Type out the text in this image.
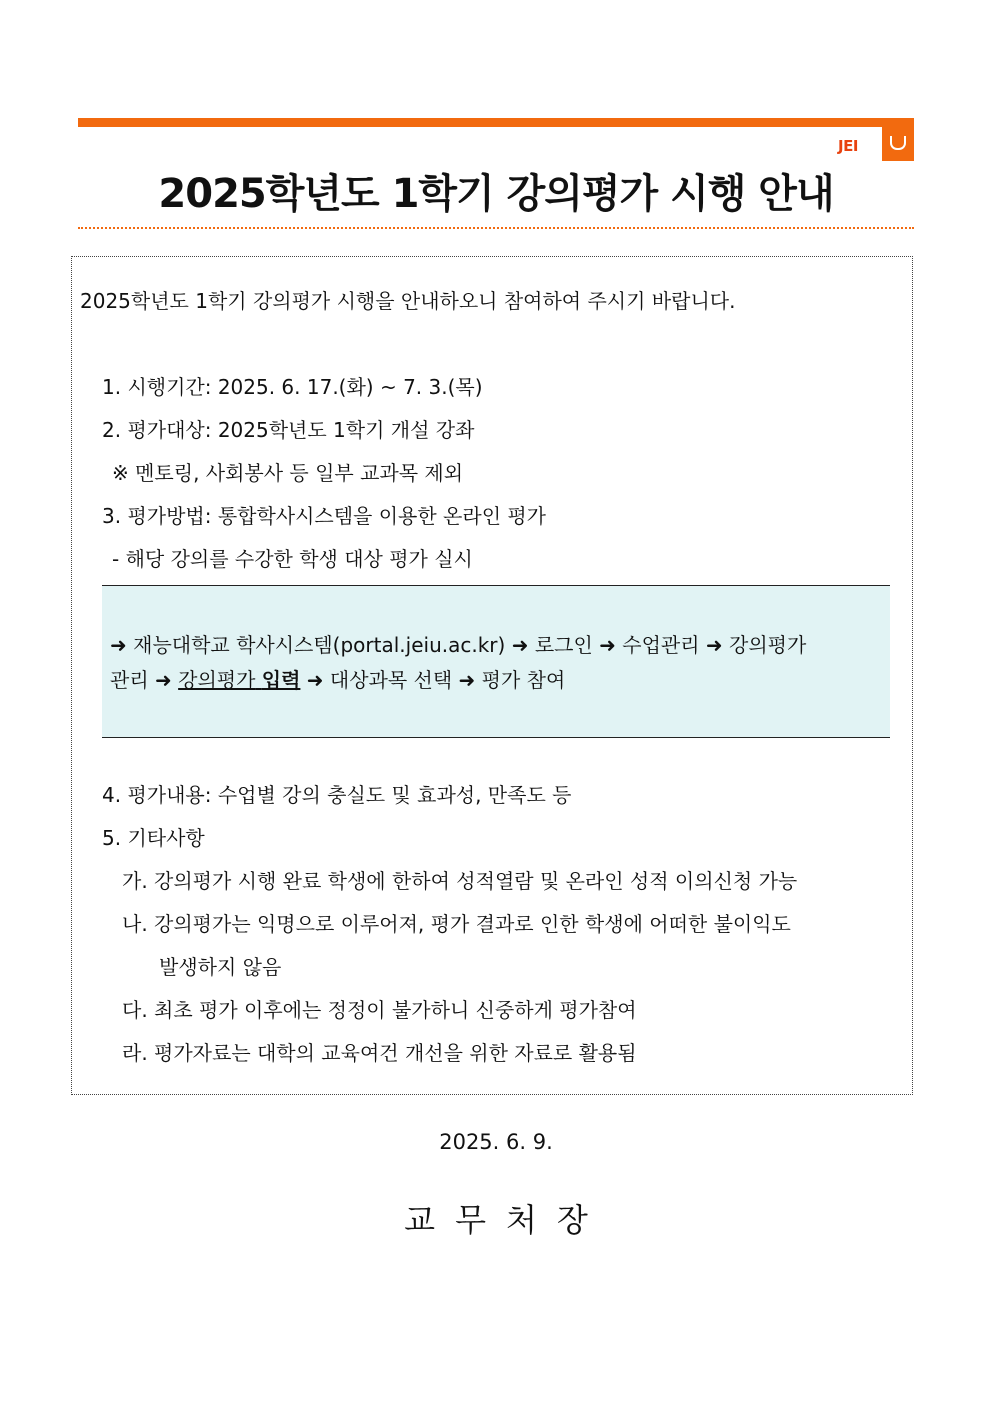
JEI
2025학년도 1학기 강의평가 시행 안내
2025학년도 1학기 강의평가 시행을 안내하오니 참여하여 주시기 바랍니다.
1. 시행기간: 2025. 6. 17.(화) ~ 7. 3.(목)
2. 평가대상: 2025학년도 1학기 개설 강좌
※ 멘토링, 사회봉사 등 일부 교과목 제외
3. 평가방법: 통합학사시스템을 이용한 온라인 평가
- 해당 강의를 수강한 학생 대상 평가 실시
➜ 재능대학교 학사시스템(portal.jeiu.ac.kr) ➜ 로그인 ➜ 수업관리 ➜ 강의평가
관리 ➜ 강의평가 입력 ➜ 대상과목 선택 ➜ 평가 참여
4. 평가내용: 수업별 강의 충실도 및 효과성, 만족도 등
5. 기타사항
가. 강의평가 시행 완료 학생에 한하여 성적열람 및 온라인 성적 이의신청 가능
나. 강의평가는 익명으로 이루어져, 평가 결과로 인한 학생에 어떠한 불이익도
발생하지 않음
다. 최초 평가 이후에는 정정이 불가하니 신중하게 평가참여
라. 평가자료는 대학의 교육여건 개선을 위한 자료로 활용됨
2025. 6. 9.
교무처장
